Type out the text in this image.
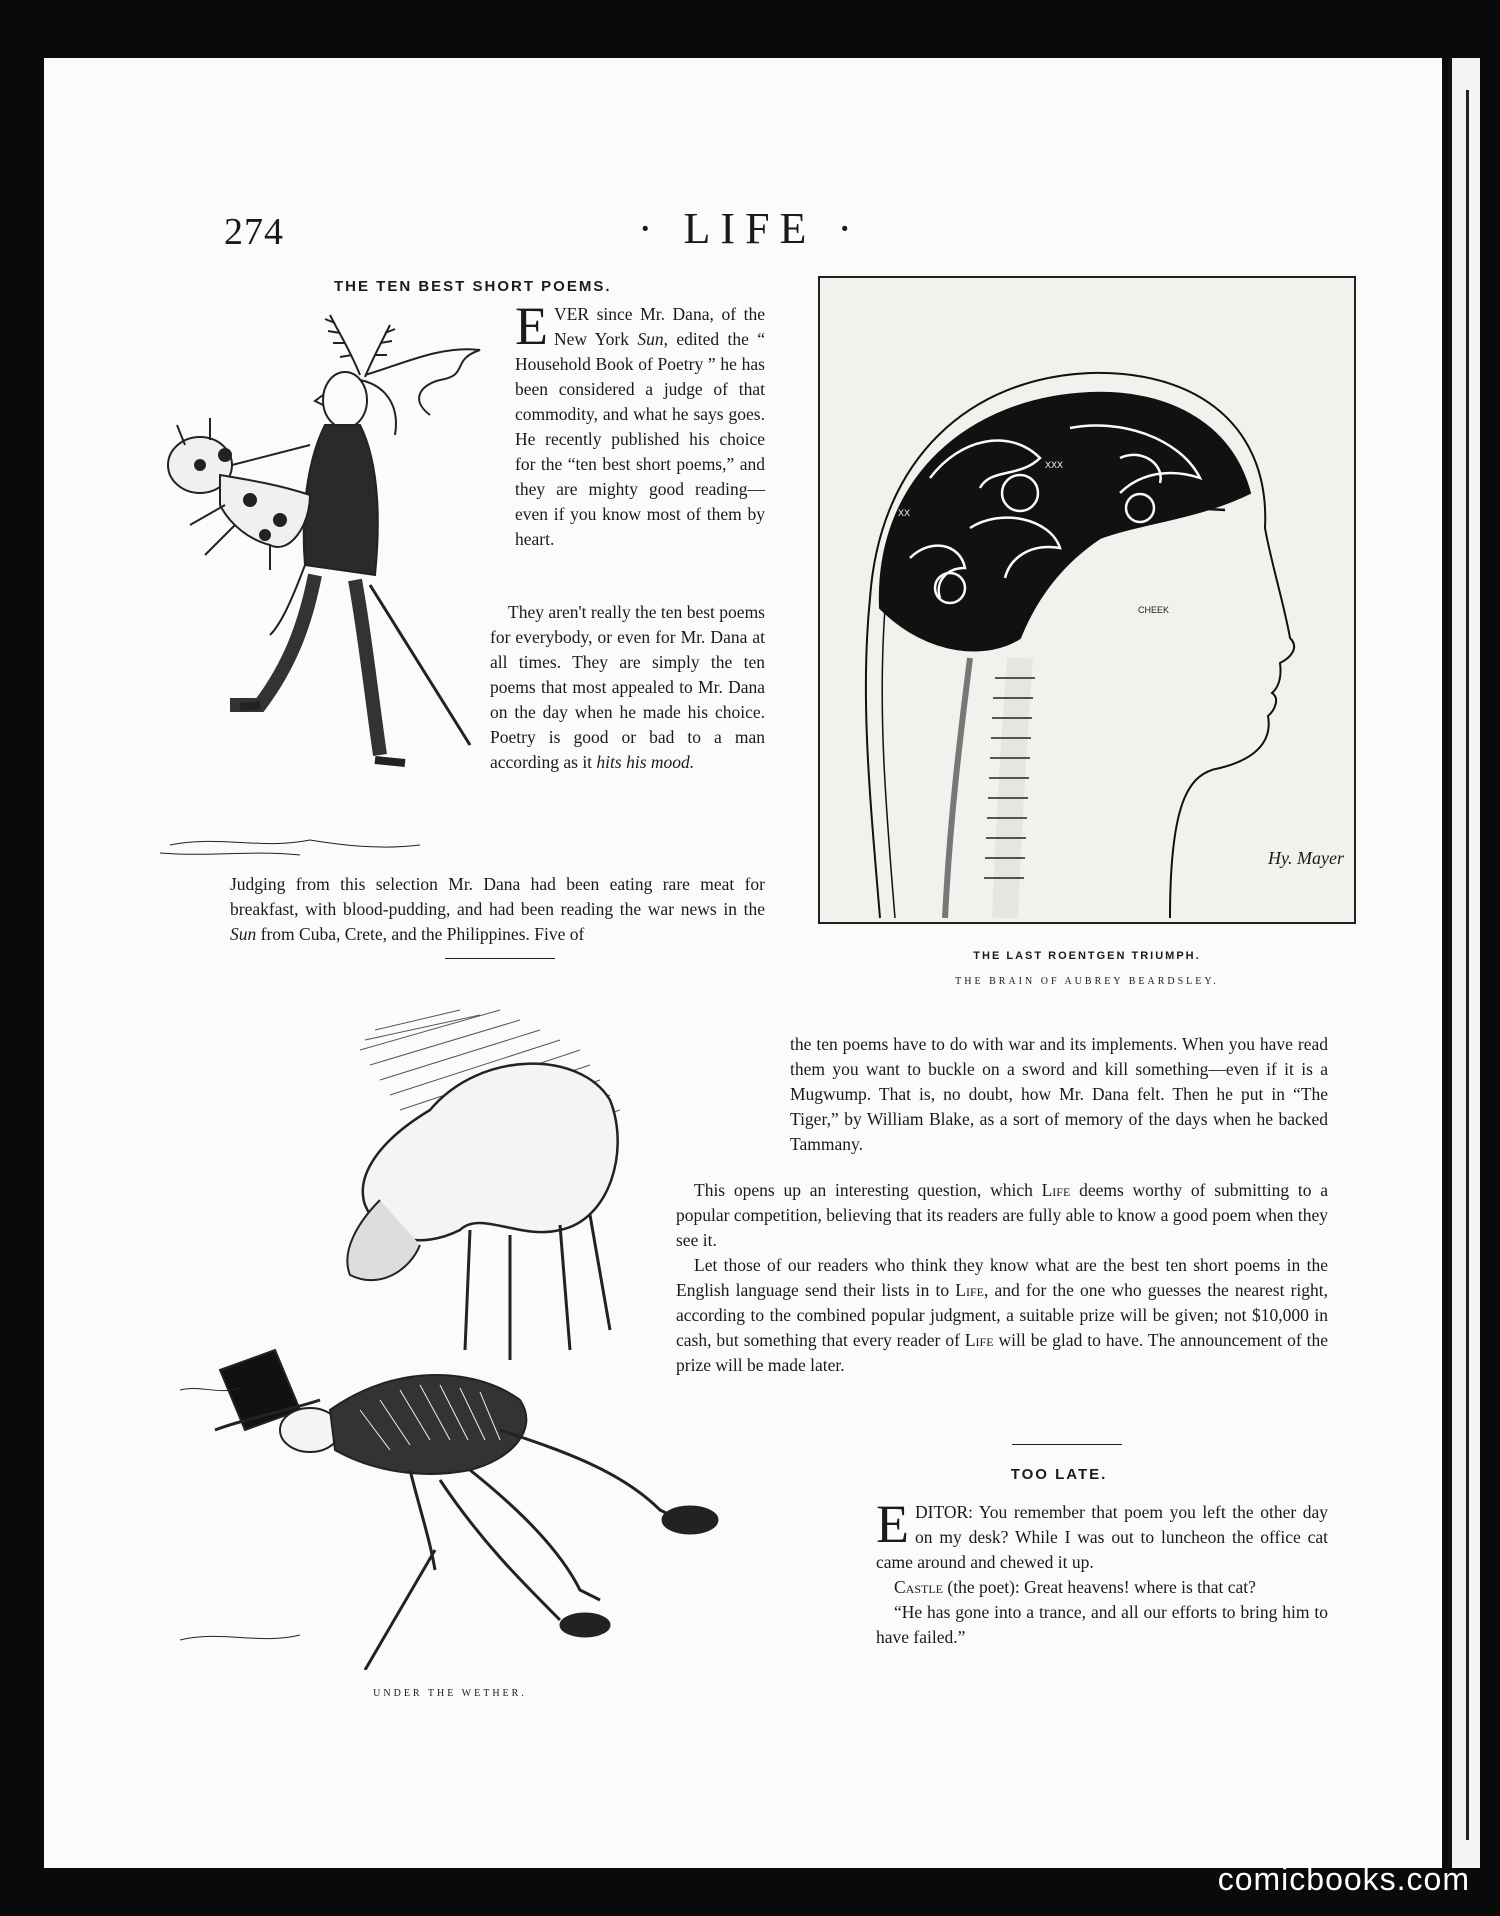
274	· LIFE ·
THE TEN BEST SHORT POEMS.
EVER since Mr. Dana, of the New York Sun, edited the “ Household Book of Poetry ” he has been considered a judge of that commodity, and what he says goes. He recently published his choice for the “ten best short poems,” and they are mighty good reading—even if you know most of them by heart.

They aren't really the ten best poems for everybody, or even for Mr. Dana at all times. They are simply the ten poems that most appealed to Mr. Dana on the day when he made his choice. Poetry is good or bad to a man according as it hits his mood.

Judging from this selection Mr. Dana had been eating rare meat for breakfast, with blood-pudding, and had been reading the war news in the Sun from Cuba, Crete, and the Philippines. Five of
XX
XXX
CHEEK
Hy. Mayer
THE LAST ROENTGEN TRIUMPH.
THE BRAIN OF AUBREY BEARDSLEY.
UNDER THE WETHER.

the ten poems have to do with war and its implements. When you have read them you want to buckle on a sword and kill something—even if it is a Mugwump. That is, no doubt, how Mr. Dana felt. Then he put in “The Tiger,” by William Blake, as a sort of memory of the days when he backed Tammany.

This opens up an interesting question, which Life deems worthy of submitting to a popular competition, believing that its readers are fully able to know a good poem when they see it.

Let those of our readers who think they know what are the best ten short poems in the English language send their lists in to Life, and for the one who guesses the nearest right, according to the combined popular judgment, a suitable prize will be given; not $10,000 in cash, but something that every reader of Life will be glad to have. The announcement of the prize will be made later.

TOO LATE.

EDITOR: You remember that poem you left the other day on my desk? While I was out to luncheon the office cat came around and chewed it up.

Castle (the poet): Great heavens! where is that cat?

“He has gone into a trance, and all our efforts to bring him to have failed.”

comicbooks.com
